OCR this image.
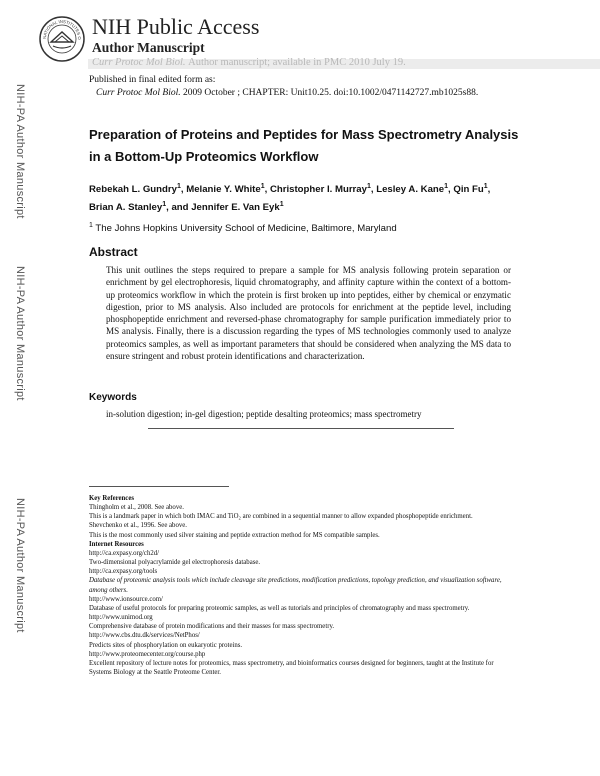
NATIONAL INSTITUTES O NIH Public Access
Author Manuscript
Curr Protoc Mol Biol. Author manuscript; available in PMC 2010 July 19.
NIH-PA Author Manuscript
NIH-PA Author Manuscript
NIH-PA Author Manuscript
Published in final edited form as:
Curr Protoc Mol Biol. 2009 October ; CHAPTER: Unit10.25. doi:10.1002/0471142727.mb1025s88.
Preparation of Proteins and Peptides for Mass Spectrometry Analysis in a Bottom-Up Proteomics Workflow
Rebekah L. Gundry$^1$, Melanie Y. White$^1$, Christopher I. Murray$^1$, Lesley A. Kane$^1$, Qin Fu$^1$,
Brian A. Stanley$^1$, and Jennifer E. Van Eyk$^1$
$^1$ The Johns Hopkins University School of Medicine, Baltimore, Maryland
Abstract
This unit outlines the steps required to prepare a sample for MS analysis following protein separation or enrichment by gel electrophoresis, liquid chromatography, and affinity capture within the context of a bottom-up proteomics workflow in which the protein is first broken up into peptides, either by chemical or enzymatic digestion, prior to MS analysis. Also included are protocols for enrichment at the peptide level, including phosphopeptide enrichment and reversed-phase chromatography for sample purification immediately prior to MS analysis. Finally, there is a discussion regarding the types of MS technologies commonly used to analyze proteomics samples, as well as important parameters that should be considered when analyzing the MS data to ensure stringent and robust protein identifications and characterization.
Keywords
in-solution digestion; in-gel digestion; peptide desalting proteomics; mass spectrometry
Key References
Thingholm et al., 2008. See above.
This is a landmark paper in which both IMAC and TiO₂ are combined in a sequential manner to allow expanded phosphopeptide enrichment.
Shevchenko et al., 1996. See above.
This is the most commonly used silver staining and peptide extraction method for MS compatible samples.
Internet Resources
http://ca.expasy.org/ch2d/
Two-dimensional polyacrylamide gel electrophoresis database.
http://ca.expasy.org/tools
Database of proteomic analysis tools which include cleavage site predictions, modification predictions, topology prediction, and visualization software, among others.
http://www.ionsource.com/
Database of useful protocols for preparing proteomic samples, as well as tutorials and principles of chromatography and mass spectrometry.
http://www.unimod.org
Comprehensive database of protein modifications and their masses for mass spectrometry.
http://www.cbs.dtu.dk/services/NetPhos/
Predicts sites of phosphorylation on eukaryotic proteins.
http://www.proteomecenter.org/course.php
Excellent repository of lecture notes for proteomics, mass spectrometry, and bioinformatics courses designed for beginners, taught at the Institute for Systems Biology at the Seattle Proteome Center.
